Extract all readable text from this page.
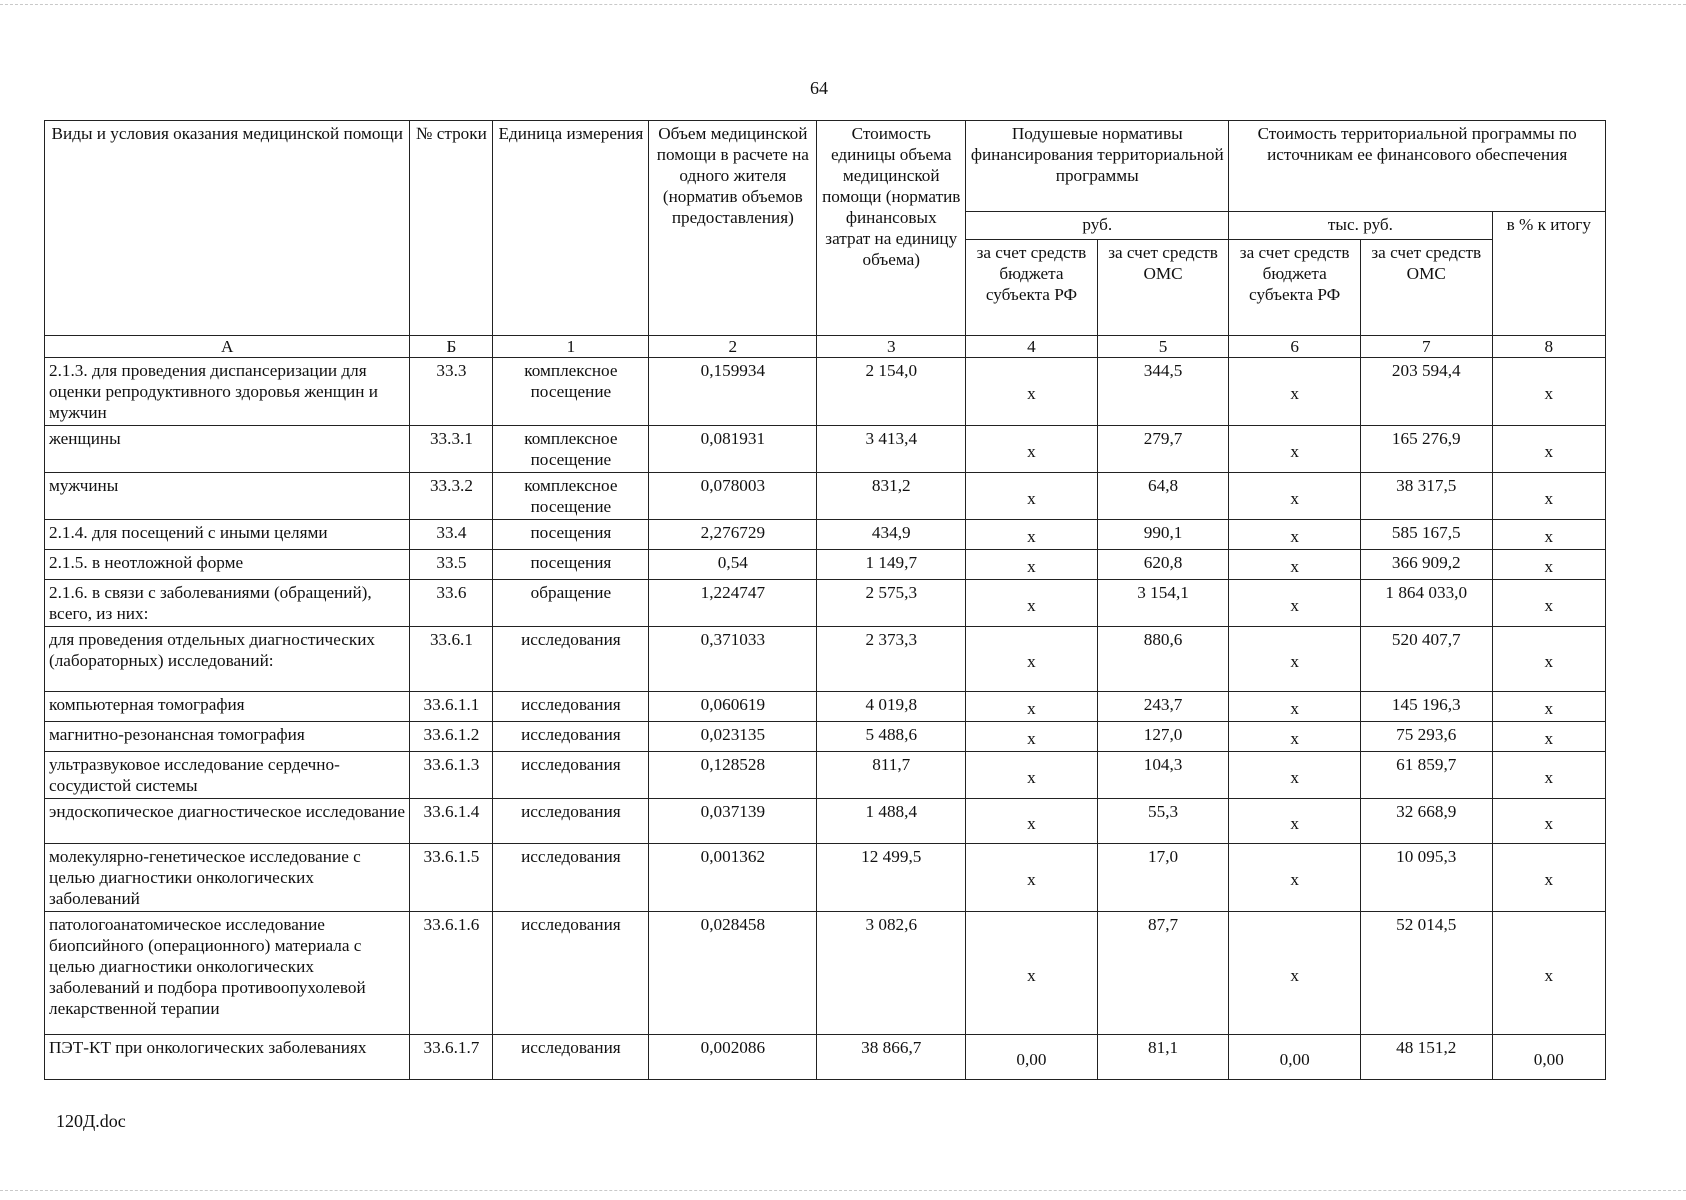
64
Виды и условия оказания медицинской помощи	№ строки	Единица измерения	Объем медицинской помощи в расчете на одного жителя (норматив объемов предоставления)	Стоимость единицы объема медицинской помощи (норматив финансовых затрат на единицу объема)	Подушевые нормативы финансирования территориальной программы		Стоимость территориальной программы по источникам ее финансового обеспечения		
					руб.		тыс. руб.		в % к итогу
					за счет средств бюджета субъекта РФ	за счет средств ОМС	за счет средств бюджета субъекта РФ	за счет средств ОМС	
А	Б	1	2	3	4	5	6	7	8
2.1.3. для проведения диспансеризации для оценки репродуктивного здоровья женщин и мужчин	33.3	комплексное посещение	0,159934	2 154,0	х	344,5	х	203 594,4	х
женщины	33.3.1	комплексное посещение	0,081931	3 413,4	х	279,7	х	165 276,9	х
мужчины	33.3.2	комплексное посещение	0,078003	831,2	х	64,8	х	38 317,5	х
2.1.4. для посещений с иными целями	33.4	посещения	2,276729	434,9	х	990,1	х	585 167,5	х
2.1.5. в неотложной форме	33.5	посещения	0,54	1 149,7	х	620,8	х	366 909,2	х
2.1.6. в связи с заболеваниями (обращений), всего, из них:	33.6	обращение	1,224747	2 575,3	х	3 154,1	х	1 864 033,0	х
для проведения отдельных диагностических (лабораторных) исследований:	33.6.1	исследования	0,371033	2 373,3	х	880,6	х	520 407,7	х
компьютерная томография	33.6.1.1	исследования	0,060619	4 019,8	х	243,7	х	145 196,3	х
магнитно-резонансная томография	33.6.1.2	исследования	0,023135	5 488,6	х	127,0	х	75 293,6	х
ультразвуковое исследование сердечно-сосудистой системы	33.6.1.3	исследования	0,128528	811,7	х	104,3	х	61 859,7	х
эндоскопическое диагностическое исследование	33.6.1.4	исследования	0,037139	1 488,4	х	55,3	х	32 668,9	х
молекулярно-генетическое исследование с целью диагностики онкологических заболеваний	33.6.1.5	исследования	0,001362	12 499,5	х	17,0	х	10 095,3	х
патологоанатомическое исследование биопсийного (операционного) материала с целью диагностики онкологических заболеваний и подбора противоопухолевой лекарственной терапии	33.6.1.6	исследования	0,028458	3 082,6	х	87,7	х	52 014,5	х
ПЭТ-КТ при онкологических заболеваниях	33.6.1.7	исследования	0,002086	38 866,7	0,00	81,1	0,00	48 151,2	0,00
120Д.doc
